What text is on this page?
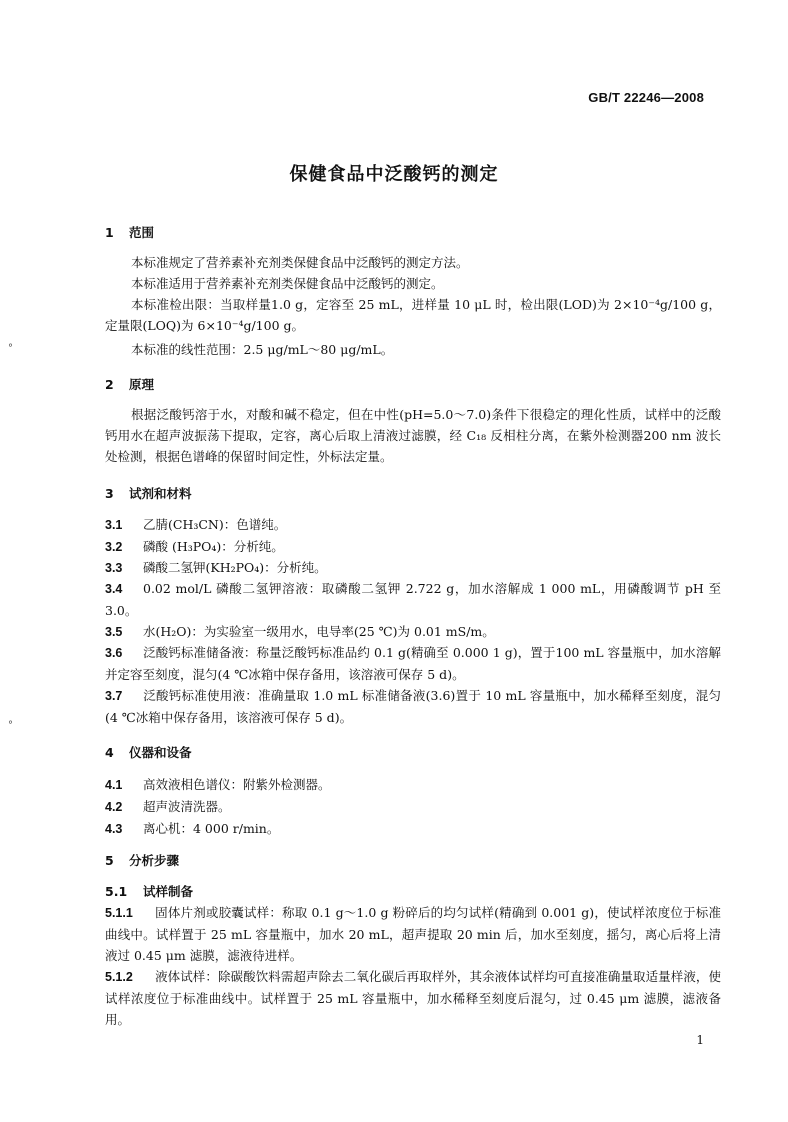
GB/T 22246—2008
保健食品中泛酸钙的测定
°
°
1 范围
本标准规定了营养素补充剂类保健食品中泛酸钙的测定方法。
本标准适用于营养素补充剂类保健食品中泛酸钙的测定。
本标准检出限：当取样量1.0 g，定容至 25 mL，进样量 10 μL 时，检出限(LOD)为 2×10⁻⁴g/100 g，定量限(LOQ)为 6×10⁻⁴g/100 g。
本标准的线性范围：2.5 μg/mL～80 μg/mL。
2 原理
根据泛酸钙溶于水，对酸和碱不稳定，但在中性(pH=5.0～7.0)条件下很稳定的理化性质，试样中的泛酸钙用水在超声波振荡下提取，定容，离心后取上清液过滤膜，经 C₁₈ 反相柱分离，在紫外检测器200 nm 波长处检测，根据色谱峰的保留时间定性，外标法定量。
3 试剂和材料
3.1 乙腈(CH₃CN)：色谱纯。
3.2 磷酸 (H₃PO₄)：分析纯。
3.3 磷酸二氢钾(KH₂PO₄)：分析纯。
3.4 0.02 mol/L 磷酸二氢钾溶液：取磷酸二氢钾 2.722 g，加水溶解成 1 000 mL，用磷酸调节 pH 至3.0。
3.5 水(H₂O)：为实验室一级用水，电导率(25 ℃)为 0.01 mS/m。
3.6 泛酸钙标准储备液：称量泛酸钙标准品约 0.1 g(精确至 0.000 1 g)，置于100 mL 容量瓶中，加水溶解并定容至刻度，混匀(4 ℃冰箱中保存备用，该溶液可保存 5 d)。
3.7 泛酸钙标准使用液：准确量取 1.0 mL 标准储备液(3.6)置于 10 mL 容量瓶中，加水稀释至刻度，混匀(4 ℃冰箱中保存备用，该溶液可保存 5 d)。
4 仪器和设备
4.1 高效液相色谱仪：附紫外检测器。
4.2 超声波清洗器。
4.3 离心机：4 000 r/min。
5 分析步骤
5.1 试样制备
5.1.1 固体片剂或胶囊试样：称取 0.1 g～1.0 g 粉碎后的均匀试样(精确到 0.001 g)，使试样浓度位于标准曲线中。试样置于 25 mL 容量瓶中，加水 20 mL，超声提取 20 min 后，加水至刻度，摇匀，离心后将上清液过 0.45 μm 滤膜，滤液待进样。
5.1.2 液体试样：除碳酸饮料需超声除去二氧化碳后再取样外，其余液体试样均可直接准确量取适量样液，使试样浓度位于标准曲线中。试样置于 25 mL 容量瓶中，加水稀释至刻度后混匀，过 0.45 μm 滤膜，滤液备用。
1
